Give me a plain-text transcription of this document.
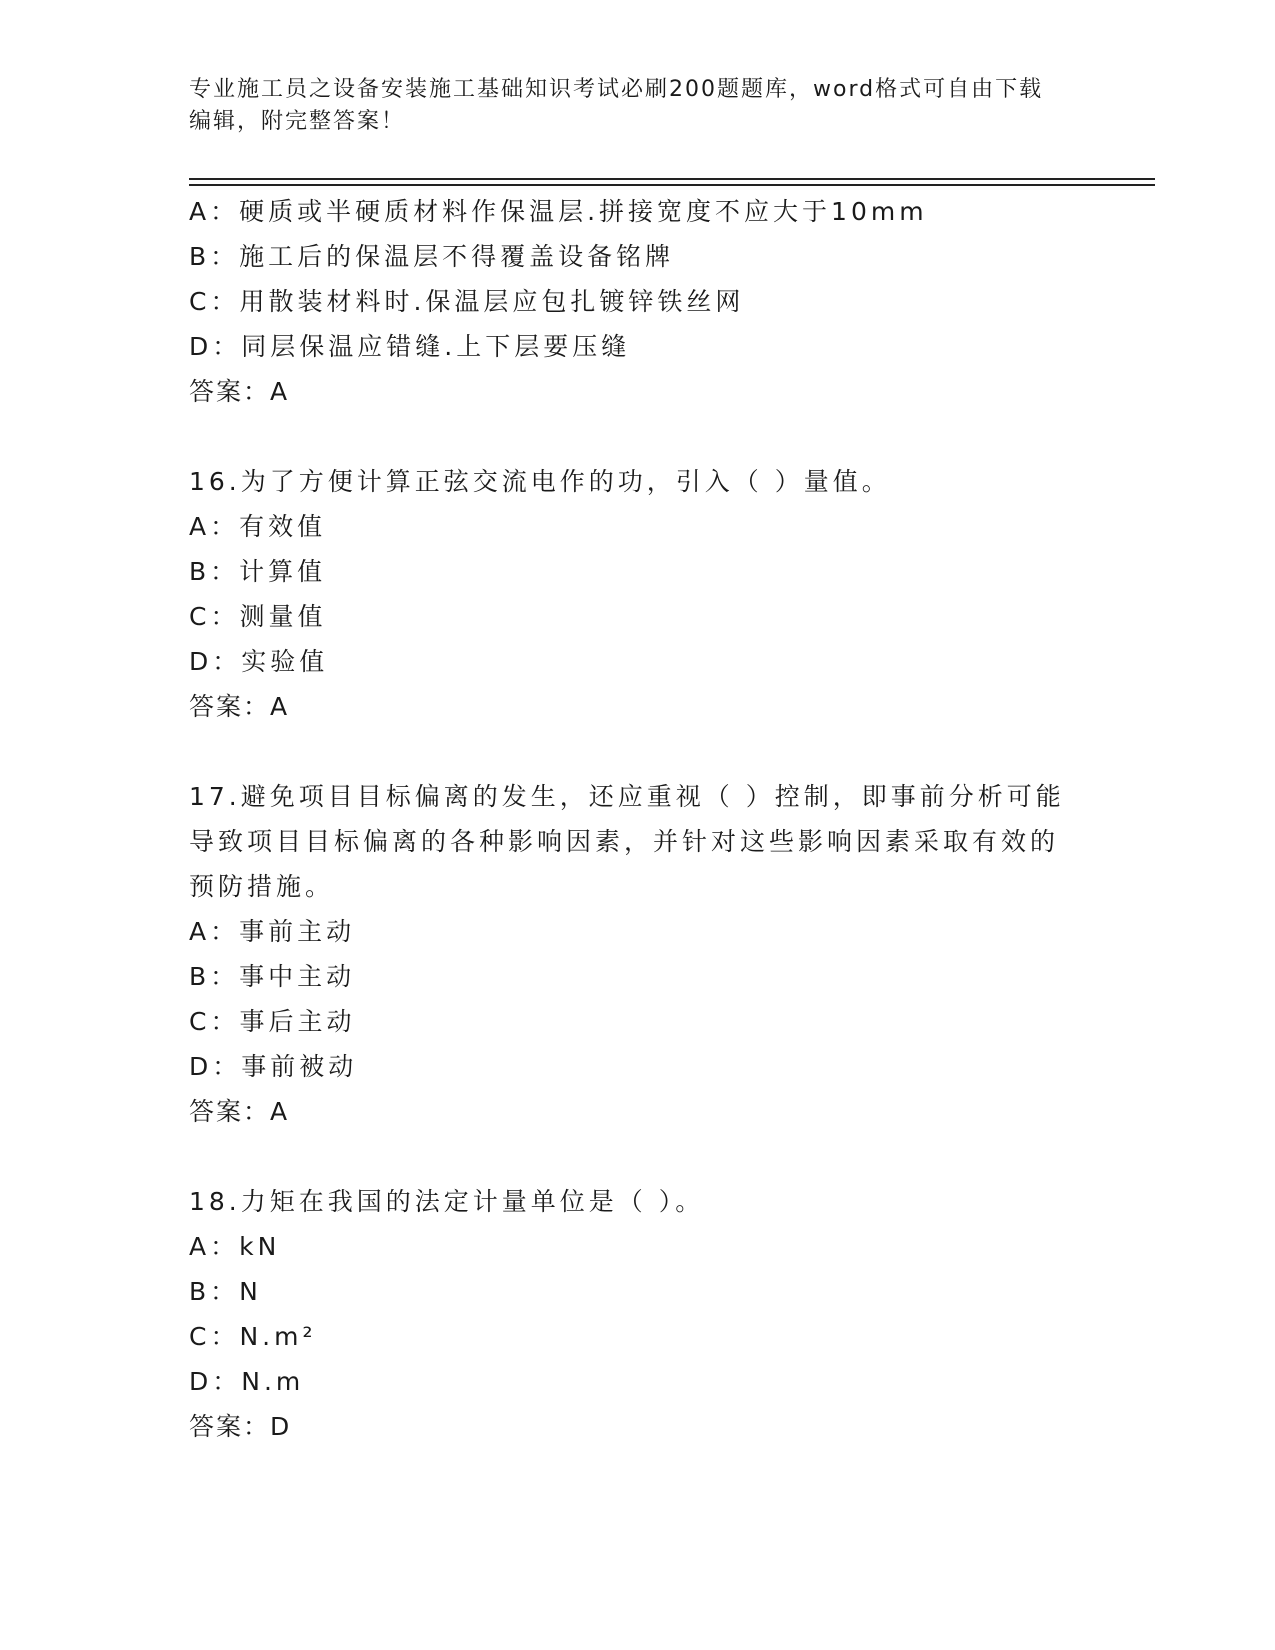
专业施工员之设备安装施工基础知识考试必刷200题题库，word格式可自由下载
编辑，附完整答案！
A：硬质或半硬质材料作保温层.拼接宽度不应大于10mm
B：施工后的保温层不得覆盖设备铭牌
C：用散装材料时.保温层应包扎镀锌铁丝网
D：同层保温应错缝.上下层要压缝
答案：A
16.为了方便计算正弦交流电作的功，引入（ ）量值。
A：有效值
B：计算值
C：测量值
D：实验值
答案：A
17.避免项目目标偏离的发生，还应重视（ ）控制，即事前分析可能
导致项目目标偏离的各种影响因素，并针对这些影响因素采取有效的
预防措施。
A：事前主动
B：事中主动
C：事后主动
D：事前被动
答案：A
18.力矩在我国的法定计量单位是（ ）。
A：kN
B：N
C：N.m²
D：N.m
答案：D
